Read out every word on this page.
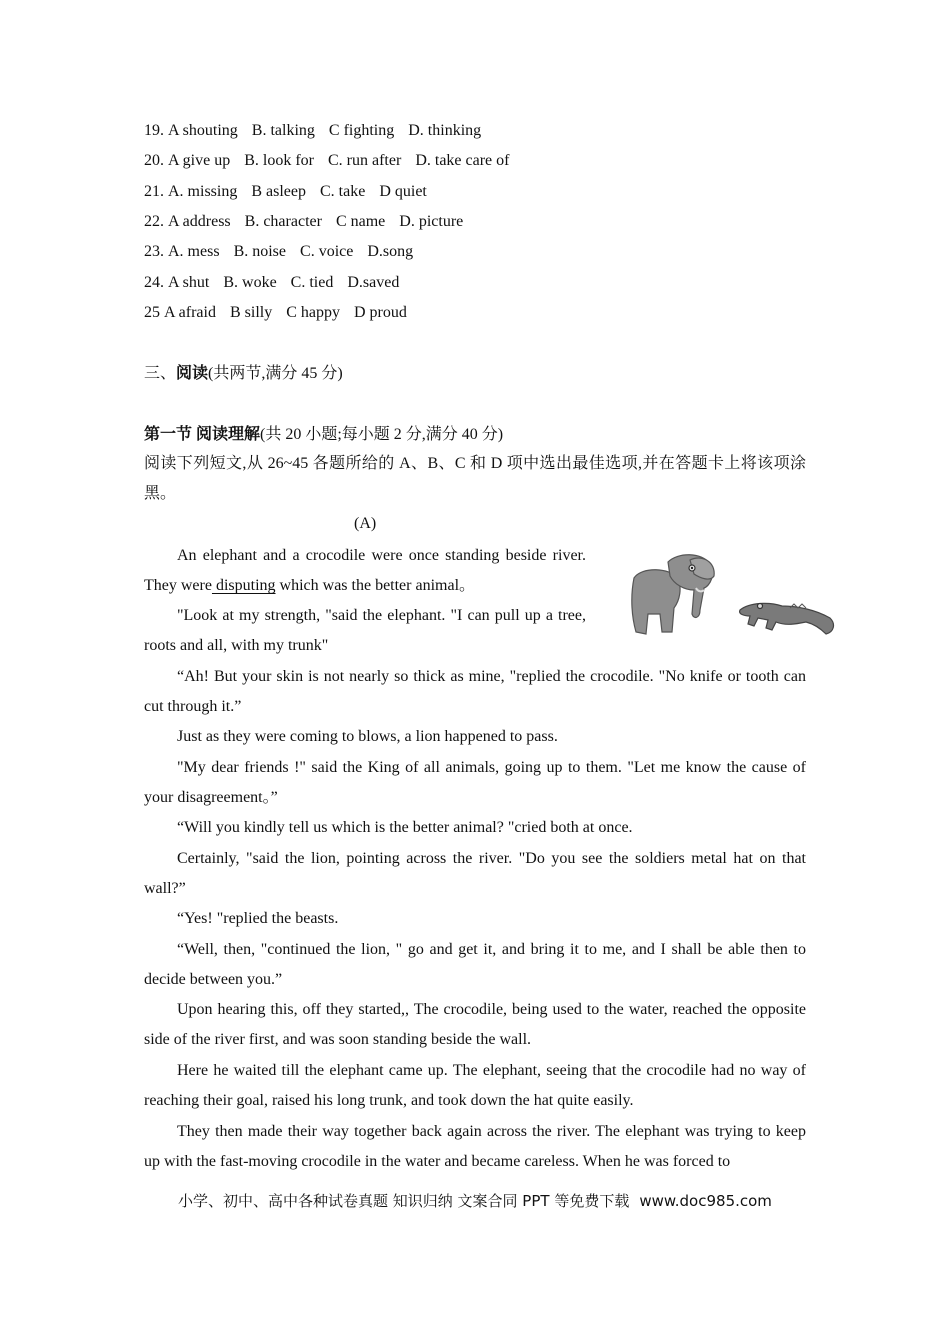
19. A shouting B. talking C fighting D. thinking
20. A give up B. look for C. run after D. take care of
21. A. missing B asleep C. take D quiet
22. A address B. character C name D. picture
23. A. mess B. noise C. voice D.song
24. A shut B. woke C. tied D.saved
25 A afraid B silly C happy D proud
三、阅读(共两节,满分 45 分)
第一节 阅读理解(共 20 小题;每小题 2 分,满分 40 分)
阅读下列短文,从 26~45 各题所给的 A、B、C 和 D 项中选出最佳选项,并在答题卡上将该项涂黑。
(A)
An elephant and a crocodile were once standing beside river. They were disputing which was the better animal。
"Look at my strength, "said the elephant. "I can pull up a tree, roots and all, with my trunk"
“Ah! But your skin is not nearly so thick as mine, "replied the crocodile. "No knife or tooth can cut through it.”
Just as they were coming to blows, a lion happened to pass.
"My dear friends !" said the King of all animals, going up to them. "Let me know the cause of your disagreement。”
“Will you kindly tell us which is the better animal? "cried both at once.
Certainly, "said the lion, pointing across the river. "Do you see the soldiers metal hat on that wall?”
“Yes! "replied the beasts.
“Well, then, "continued the lion, " go and get it, and bring it to me, and I shall be able then to decide between you.”
Upon hearing this, off they started,, The crocodile, being used to the water, reached the opposite side of the river first, and was soon standing beside the wall.
Here he waited till the elephant came up. The elephant, seeing that the crocodile had no way of reaching their goal, raised his long trunk, and took down the hat quite easily.
They then made their way together back again across the river. The elephant was trying to keep up with the fast-moving crocodile in the water and became careless. When he was forced to
小学、初中、高中各种试卷真题 知识归纳 文案合同 PPT 等免费下载 www.doc985.com
